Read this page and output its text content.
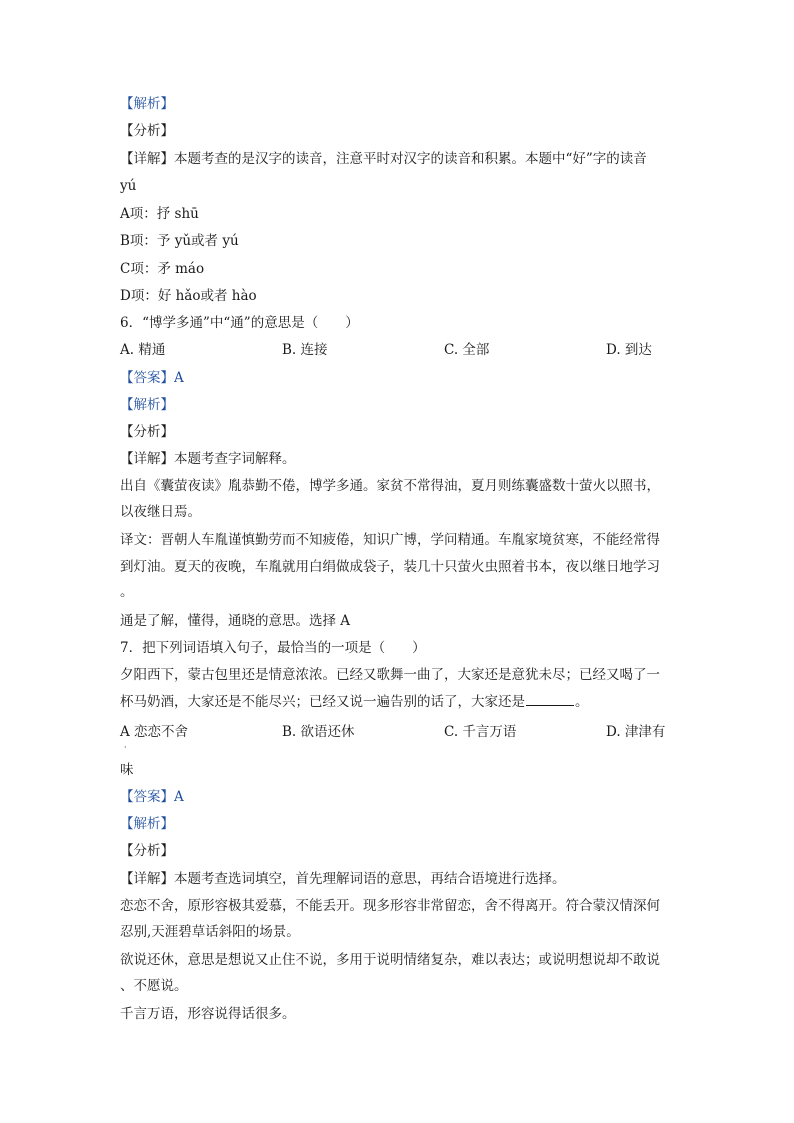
【解析】
【分析】
【详解】本题考查的是汉字的读音，注意平时对汉字的读音和积累。本题中“好”字的读音
yú
A项：抒 shū
B项：予 yǔ或者 yú
C项：矛 máo
D项：好 hǎo或者 hào
6．“博学多通”中“通”的意思是（　　）
A. 精通	B. 连接	C. 全部	D. 到达
【答案】A
【解析】
【分析】
【详解】本题考查字词解释。
出自《囊萤夜读》胤恭勤不倦，博学多通。家贫不常得油，夏月则练囊盛数十萤火以照书，
以夜继日焉。
译文：晋朝人车胤谨慎勤劳而不知疲倦，知识广博，学问精通。车胤家境贫寒，不能经常得
到灯油。夏天的夜晚，车胤就用白绢做成袋子，装几十只萤火虫照着书本，夜以继日地学习
。
通是了解，懂得，通晓的意思。选择 A
7．把下列词语填入句子，最恰当的一项是（　　）
夕阳西下，蒙古包里还是情意浓浓。已经又歌舞一曲了，大家还是意犹未尽；已经又喝了一
杯马奶酒，大家还是不能尽兴；已经又说一遍告别的话了，大家还是	。
A 恋恋不舍	B. 欲语还休	C. 千言万语	D. 津津有
·
味
【答案】A
【解析】
【分析】
【详解】本题考查选词填空，首先理解词语的意思，再结合语境进行选择。
恋恋不舍，原形容极其爱慕，不能丢开。现多形容非常留恋，舍不得离开。符合蒙汉情深何
忍别,天涯碧草话斜阳的场景。
欲说还休，意思是想说又止住不说，多用于说明情绪复杂，难以表达；或说明想说却不敢说
、不愿说。
千言万语，形容说得话很多。
